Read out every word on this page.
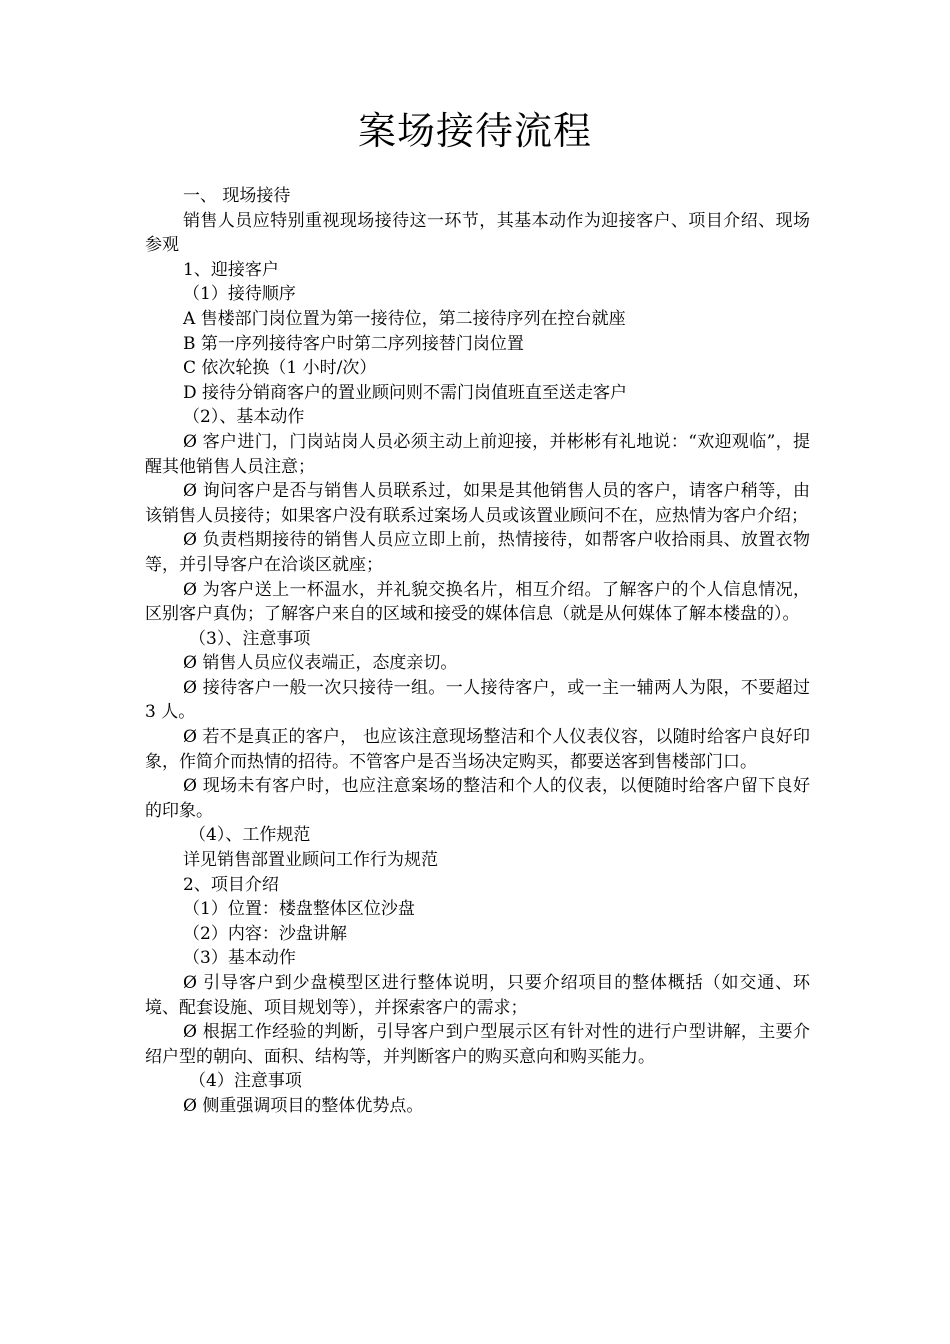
案场接待流程

一、 现场接待

销售人员应特别重视现场接待这一环节，其基本动作为迎接客户、项目介绍、现场参观

1、迎接客户

（1）接待顺序

A 售楼部门岗位置为第一接待位，第二接待序列在控台就座

B 第一序列接待客户时第二序列接替门岗位置

C 依次轮换（1 小时/次）

D 接待分销商客户的置业顾问则不需门岗值班直至送走客户

（2）、基本动作

Ø 客户进门，门岗站岗人员必须主动上前迎接，并彬彬有礼地说：“欢迎观临”，提醒其他销售人员注意；

Ø 询问客户是否与销售人员联系过，如果是其他销售人员的客户，请客户稍等，由该销售人员接待；如果客户没有联系过案场人员或该置业顾问不在，应热情为客户介绍；

Ø 负责档期接待的销售人员应立即上前，热情接待，如帮客户收拾雨具、放置衣物等，并引导客户在洽谈区就座；

Ø 为客户送上一杯温水，并礼貌交换名片，相互介绍。了解客户的个人信息情况，区别客户真伪；了解客户来自的区域和接受的媒体信息（就是从何媒体了解本楼盘的）。

（3）、注意事项

Ø 销售人员应仪表端正，态度亲切。

Ø 接待客户一般一次只接待一组。一人接待客户，或一主一辅两人为限，不要超过 3 人。

Ø 若不是真正的客户， 也应该注意现场整洁和个人仪表仪容，以随时给客户良好印象，作简介而热情的招待。不管客户是否当场决定购买，都要送客到售楼部门口。

Ø 现场未有客户时，也应注意案场的整洁和个人的仪表，以便随时给客户留下良好的印象。

（4）、工作规范

详见销售部置业顾问工作行为规范

2、项目介绍

（1）位置：楼盘整体区位沙盘

（2）内容：沙盘讲解

（3）基本动作

Ø 引导客户到少盘模型区进行整体说明，只要介绍项目的整体概括（如交通、环境、配套设施、项目规划等），并探索客户的需求；

Ø 根据工作经验的判断，引导客户到户型展示区有针对性的进行户型讲解，主要介绍户型的朝向、面积、结构等，并判断客户的购买意向和购买能力。

（4）注意事项

Ø 侧重强调项目的整体优势点。
